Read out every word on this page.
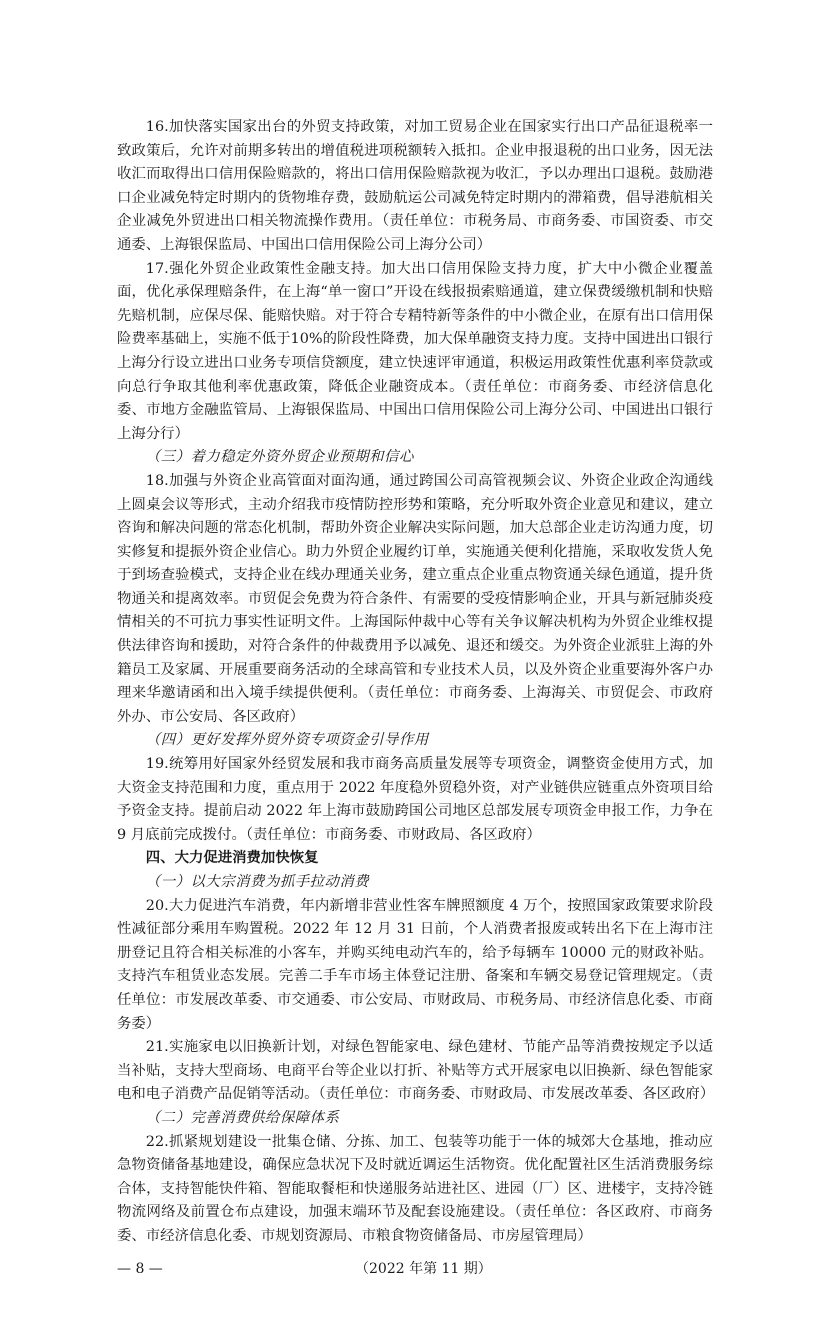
16.加快落实国家出台的外贸支持政策，对加工贸易企业在国家实行出口产品征退税率一致政策后，允许对前期多转出的增值税进项税额转入抵扣。企业申报退税的出口业务，因无法收汇而取得出口信用保险赔款的，将出口信用保险赔款视为收汇，予以办理出口退税。鼓励港口企业减免特定时期内的货物堆存费，鼓励航运公司减免特定时期内的滞箱费，倡导港航相关企业减免外贸进出口相关物流操作费用。（责任单位：市税务局、市商务委、市国资委、市交通委、上海银保监局、中国出口信用保险公司上海分公司）

17.强化外贸企业政策性金融支持。加大出口信用保险支持力度，扩大中小微企业覆盖面，优化承保理赔条件，在上海“单一窗口”开设在线报损索赔通道，建立保费缓缴机制和快赔先赔机制，应保尽保、能赔快赔。对于符合专精特新等条件的中小微企业，在原有出口信用保险费率基础上，实施不低于10%的阶段性降费，加大保单融资支持力度。支持中国进出口银行上海分行设立进出口业务专项信贷额度，建立快速评审通道，积极运用政策性优惠利率贷款或向总行争取其他利率优惠政策，降低企业融资成本。（责任单位：市商务委、市经济信息化委、市地方金融监管局、上海银保监局、中国出口信用保险公司上海分公司、中国进出口银行上海分行）

（三）着力稳定外资外贸企业预期和信心

18.加强与外资企业高管面对面沟通，通过跨国公司高管视频会议、外资企业政企沟通线上圆桌会议等形式，主动介绍我市疫情防控形势和策略，充分听取外资企业意见和建议，建立咨询和解决问题的常态化机制，帮助外资企业解决实际问题，加大总部企业走访沟通力度，切实修复和提振外资企业信心。助力外贸企业履约订单，实施通关便利化措施，采取收发货人免于到场查验模式，支持企业在线办理通关业务，建立重点企业重点物资通关绿色通道，提升货物通关和提离效率。市贸促会免费为符合条件、有需要的受疫情影响企业，开具与新冠肺炎疫情相关的不可抗力事实性证明文件。上海国际仲裁中心等有关争议解决机构为外贸企业维权提供法律咨询和援助，对符合条件的仲裁费用予以减免、退还和缓交。为外资企业派驻上海的外籍员工及家属、开展重要商务活动的全球高管和专业技术人员，以及外资企业重要海外客户办理来华邀请函和出入境手续提供便利。（责任单位：市商务委、上海海关、市贸促会、市政府外办、市公安局、各区政府）

（四）更好发挥外贸外资专项资金引导作用

19.统筹用好国家外经贸发展和我市商务高质量发展等专项资金，调整资金使用方式，加大资金支持范围和力度，重点用于 2022 年度稳外贸稳外资，对产业链供应链重点外资项目给予资金支持。提前启动 2022 年上海市鼓励跨国公司地区总部发展专项资金申报工作，力争在 9 月底前完成拨付。（责任单位：市商务委、市财政局、各区政府）

四、大力促进消费加快恢复

（一）以大宗消费为抓手拉动消费

20.大力促进汽车消费，年内新增非营业性客车牌照额度 4 万个，按照国家政策要求阶段性减征部分乘用车购置税。2022 年 12 月 31 日前，个人消费者报废或转出名下在上海市注册登记且符合相关标准的小客车，并购买纯电动汽车的，给予每辆车 10000 元的财政补贴。支持汽车租赁业态发展。完善二手车市场主体登记注册、备案和车辆交易登记管理规定。（责任单位：市发展改革委、市交通委、市公安局、市财政局、市税务局、市经济信息化委、市商务委）

21.实施家电以旧换新计划，对绿色智能家电、绿色建材、节能产品等消费按规定予以适当补贴，支持大型商场、电商平台等企业以打折、补贴等方式开展家电以旧换新、绿色智能家电和电子消费产品促销等活动。（责任单位：市商务委、市财政局、市发展改革委、各区政府）

（二）完善消费供给保障体系

22.抓紧规划建设一批集仓储、分拣、加工、包装等功能于一体的城郊大仓基地，推动应急物资储备基地建设，确保应急状况下及时就近调运生活物资。优化配置社区生活消费服务综合体，支持智能快件箱、智能取餐柜和快递服务站进社区、进园（厂）区、进楼宇，支持冷链物流网络及前置仓布点建设，加强末端环节及配套设施建设。（责任单位：各区政府、市商务委、市经济信息化委、市规划资源局、市粮食物资储备局、市房屋管理局）

— 8 —	（2022 年第 11 期）
